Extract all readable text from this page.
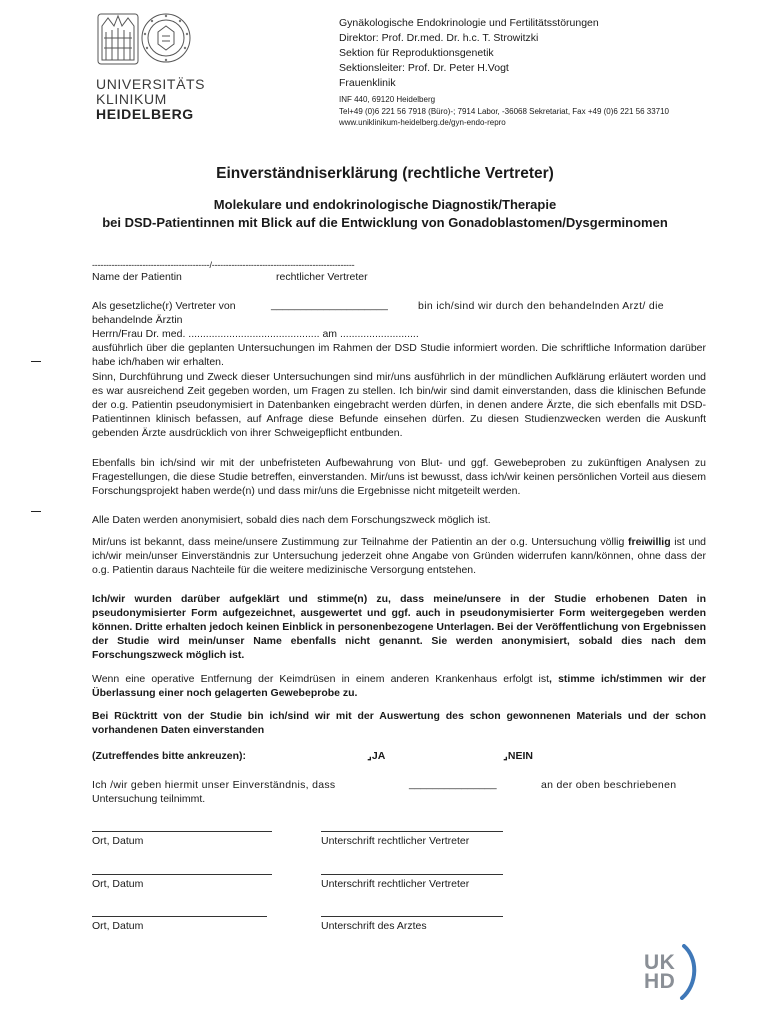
UNIVERSITÄTS
KLINIKUM
HEIDELBERG
Gynäkologische Endokrinologie und Fertilitätsstörungen
Direktor: Prof. Dr.med. Dr. h.c. T. Strowitzki
Sektion für Reproduktionsgenetik
Sektionsleiter: Prof. Dr. Peter H.Vogt
Frauenklinik
INF 440, 69120 Heidelberg
Tel+49 (0)6 221 56 7918 (Büro)-; 7914 Labor, -36068 Sekretariat, Fax +49 (0)6 221 56 33710
www.uniklinikum-heidelberg.de/gyn-endo-repro
Einverständniserklärung (rechtliche Vertreter)
Molekulare und endokrinologische Diagnostik/Therapie
bei DSD-Patientinnen mit Blick auf die Entwicklung von Gonadoblastomen/Dysgerminomen
------------------------------------------/---------------------------------------------------
Name der Patientin	rechtlicher Vertreter
Als gesetzliche(r) Vertreter von	____________________	bin ich/sind wir durch den behandelnden Arzt/ die
behandelnde Ärztin
Herrn/Frau Dr. med. ............................................. am ...........................
ausführlich über die geplanten Untersuchungen im Rahmen der DSD Studie informiert worden. Die schriftliche Information darüber habe ich/haben wir erhalten.
Sinn, Durchführung und Zweck dieser Untersuchungen sind mir/uns ausführlich in der mündlichen Aufklärung erläutert worden und es war ausreichend Zeit gegeben worden, um Fragen zu stellen. Ich bin/wir sind damit einverstanden, dass die klinischen Befunde der o.g. Patientin pseudonymisiert in Datenbanken eingebracht werden dürfen, in denen andere Ärzte, die sich ebenfalls mit DSD-Patientinnen klinisch befassen, auf Anfrage diese Befunde einsehen dürfen. Zu diesen Studienzwecken werden die Auskunft gebenden Ärzte ausdrücklich von ihrer Schweigepflicht entbunden.
Ebenfalls bin ich/sind wir mit der unbefristeten Aufbewahrung von Blut- und ggf. Gewebeproben zu zukünftigen Analysen zu Fragestellungen, die diese Studie betreffen, einverstanden. Mir/uns ist bewusst, dass ich/wir keinen persönlichen Vorteil aus diesem Forschungsprojekt haben werde(n) und dass mir/uns die Ergebnisse nicht mitgeteilt werden.
Alle Daten werden anonymisiert, sobald dies nach dem Forschungszweck möglich ist.
Mir/uns ist bekannt, dass meine/unsere Zustimmung zur Teilnahme der Patientin an der o.g. Untersuchung völlig freiwillig ist und ich/wir mein/unser Einverständnis zur Untersuchung jederzeit ohne Angabe von Gründen widerrufen kann/können, ohne dass der o.g. Patientin daraus Nachteile für die weitere medizinische Versorgung entstehen.
Ich/wir wurden darüber aufgeklärt und stimme(n) zu, dass meine/unsere in der Studie erhobenen Daten in pseudonymisierter Form aufgezeichnet, ausgewertet und ggf. auch in pseudonymisierter Form weitergegeben werden können. Dritte erhalten jedoch keinen Einblick in personenbezogene Unterlagen. Bei der Veröffentlichung von Ergebnissen der Studie wird mein/unser Name ebenfalls nicht genannt. Sie werden anonymisiert, sobald dies nach dem Forschungszweck möglich ist.
Wenn eine operative Entfernung der Keimdrüsen in einem anderen Krankenhaus erfolgt ist, stimme ich/stimmen wir der Überlassung einer noch gelagerten Gewebeprobe zu.
Bei Rücktritt von der Studie bin ich/sind wir mit der Auswertung des schon gewonnenen Materials und der schon vorhandenen Daten einverstanden
(Zutreffendes bitte ankreuzen):	⌟JA	⌟NEIN
Ich /wir geben hiermit unser Einverständnis, dass	_______________	an der oben beschriebenen
Untersuchung teilnimmt.
Ort, Datum	Unterschrift rechtlicher Vertreter
Ort, Datum	Unterschrift rechtlicher Vertreter
Ort, Datum	Unterschrift des Arztes
UK
HD
